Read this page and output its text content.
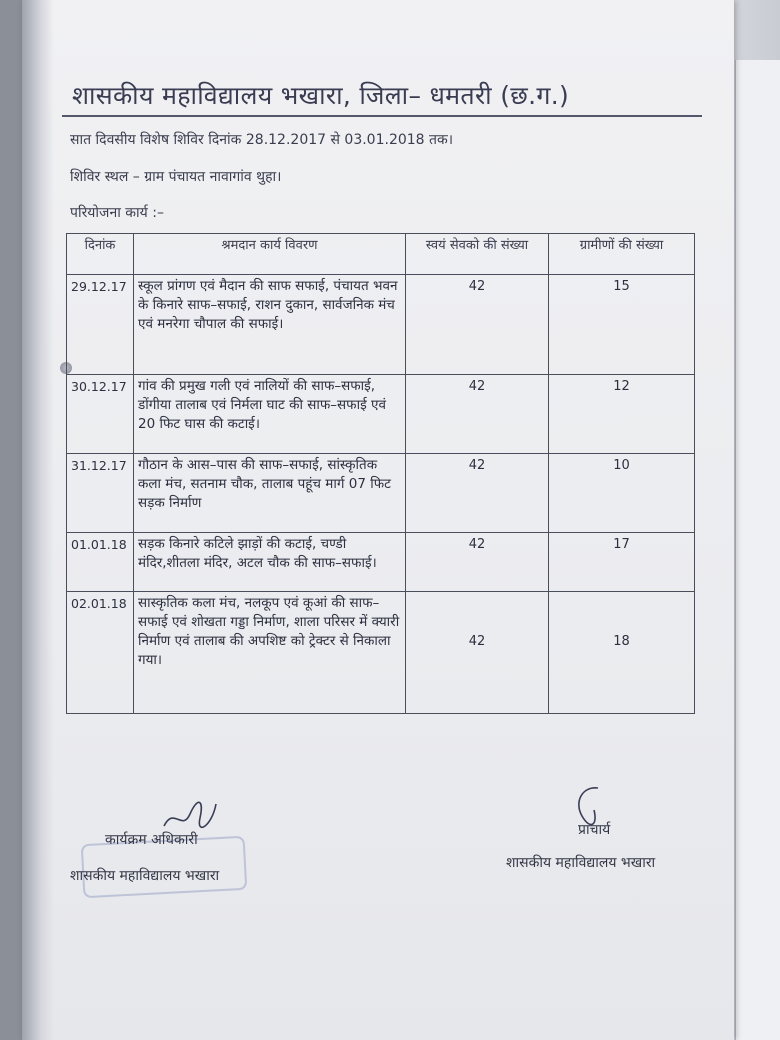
शासकीय महाविद्यालय भखारा, जिला– धमतरी (छ.ग.)
सात दिवसीय विशेष शिविर दिनांक 28.12.2017 से 03.01.2018 तक।
शिविर स्थल – ग्राम पंचायत नावागांव थुहा।
परियोजना कार्य :–
दिनांक	श्रमदान कार्य विवरण	स्वयं सेवको की संख्या	ग्रामीणों की संख्या
29.12.17	स्कूल प्रांगण एवं मैदान की साफ सफाई, पंचायत भवन के किनारे साफ–सफाई, राशन दुकान, सार्वजनिक मंच एवं मनरेगा चौपाल की सफाई।	42	15
30.12.17	गांव की प्रमुख गली एवं नालियों की साफ–सफाई, डोंगीया तालाब एवं निर्मला घाट की साफ–सफाई एवं 20 फिट घास की कटाई।	42	12
31.12.17	गौठान के आस–पास की साफ–सफाई, सांस्कृतिक कला मंच, सतनाम चौक, तालाब पहूंच मार्ग 07 फिट सड़क निर्माण	42	10
01.01.18	सड़क किनारे कटिले झाड़ों की कटाई, चण्डी मंदिर,शीतला मंदिर, अटल चौक की साफ–सफाई।	42	17
02.01.18	सास्कृतिक कला मंच, नलकूप एवं कूआं की साफ–सफाई एवं शोखता गड्डा निर्माण, शाला परिसर में क्यारी निर्माण एवं तालाब की अपशिष्ट को ट्रेक्टर से निकाला गया।	42	18
कार्यक्रम अधिकारी
शासकीय महाविद्यालय भखारा
प्राचार्य
शासकीय महाविद्यालय भखारा
